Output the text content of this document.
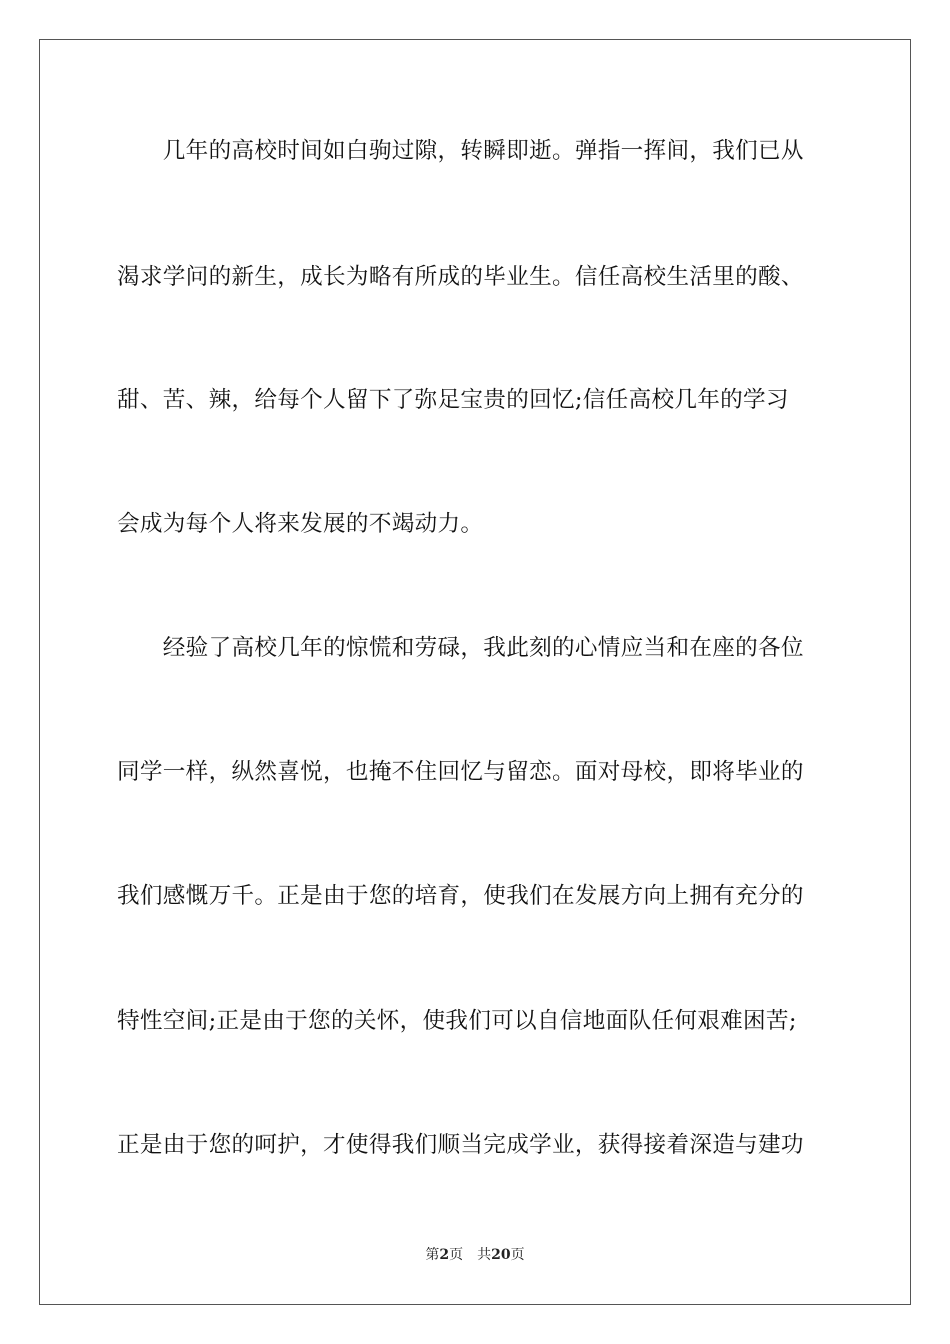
　　几年的高校时间如白驹过隙，转瞬即逝。弹指一挥间，我们已从
渴求学问的新生，成长为略有所成的毕业生。信任高校生活里的酸、
甜、苦、辣，给每个人留下了弥足宝贵的回忆;信任高校几年的学习
会成为每个人将来发展的不竭动力。
　　经验了高校几年的惊慌和劳碌，我此刻的心情应当和在座的各位
同学一样，纵然喜悦，也掩不住回忆与留恋。面对母校，即将毕业的
我们感慨万千。正是由于您的培育，使我们在发展方向上拥有充分的
特性空间;正是由于您的关怀，使我们可以自信地面队任何艰难困苦;
正是由于您的呵护，才使得我们顺当完成学业，获得接着深造与建功
第2页 共20页
